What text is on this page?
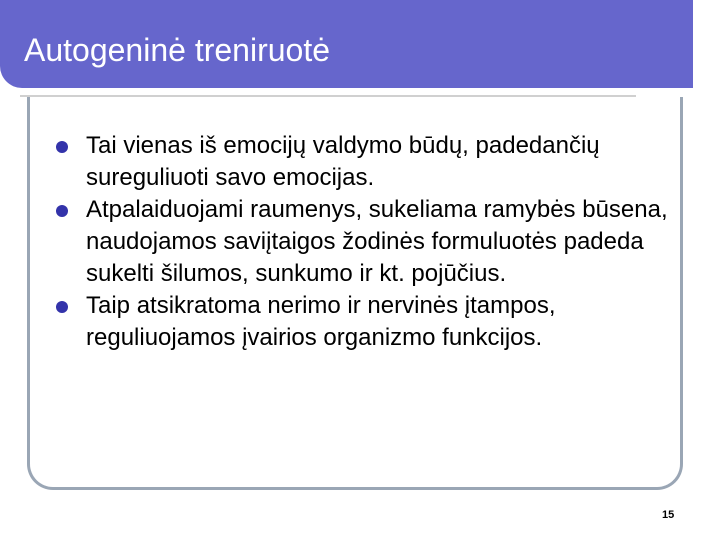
Autogeninė treniruotė
Tai vienas iš emocijų valdymo būdų, padedančių sureguliuoti savo emocijas.
Atpalaiduojami raumenys, sukeliama ramybės būsena, naudojamos saviįtaigos žodinės formuluotės padeda sukelti šilumos, sunkumo ir kt. pojūčius.
Taip atsikratoma nerimo ir nervinės įtampos, reguliuojamos įvairios organizmo funkcijos.
15
